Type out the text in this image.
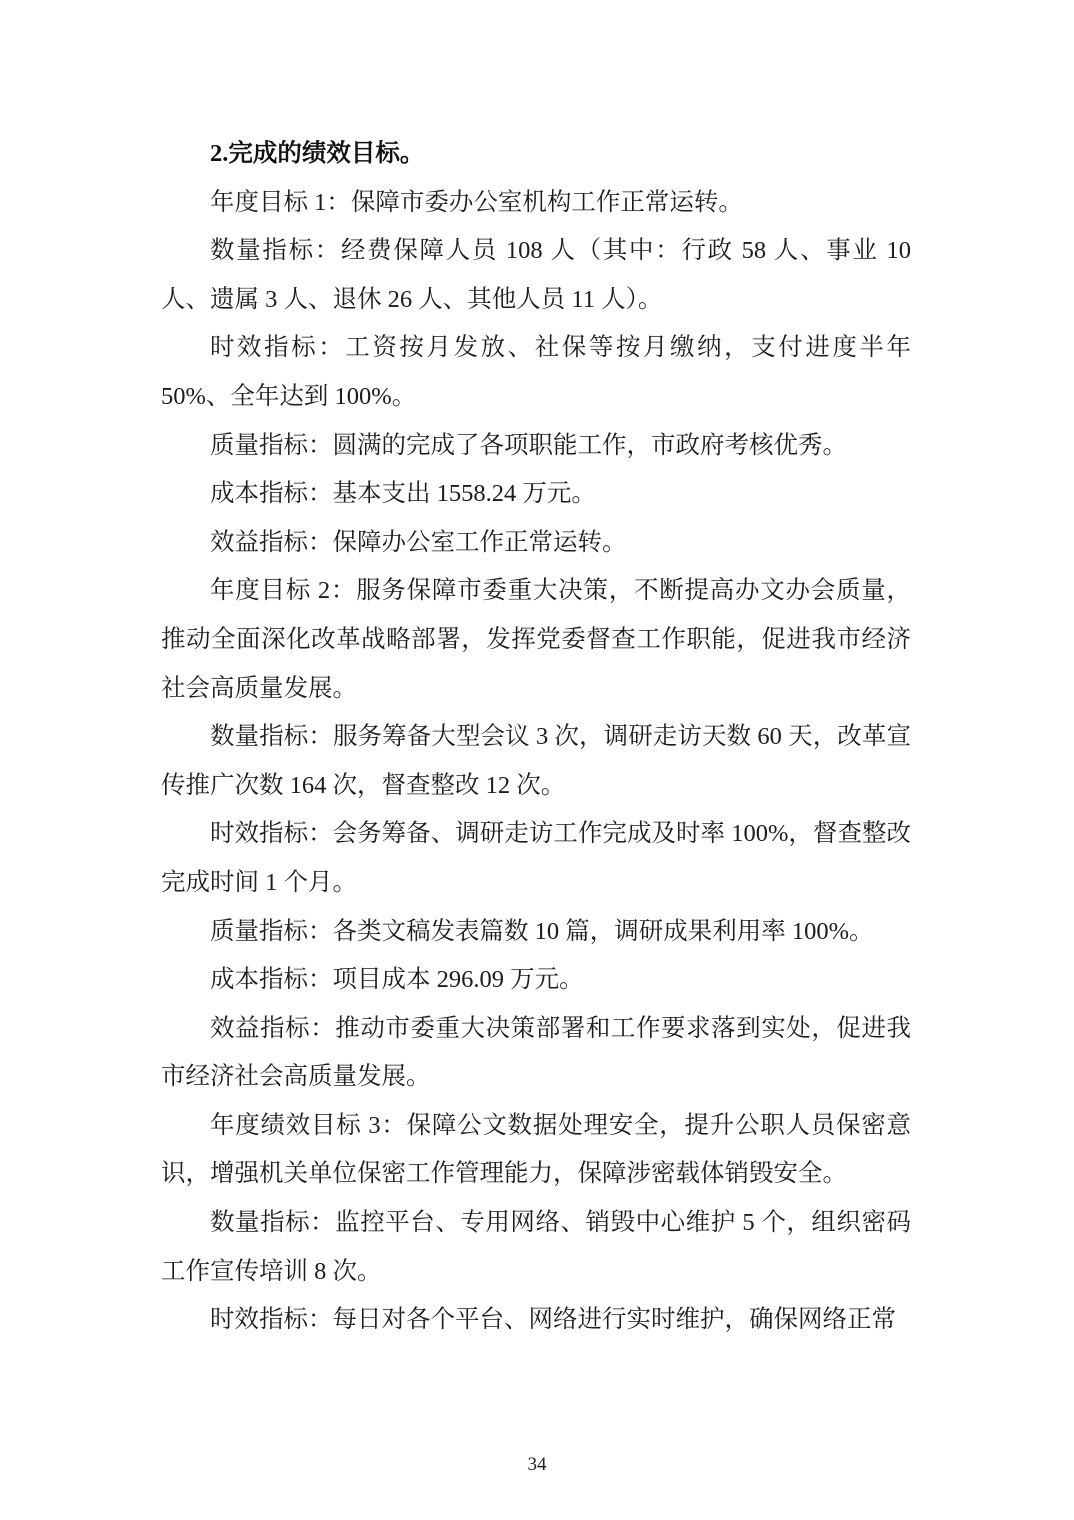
2.完成的绩效目标。

年度目标 1：保障市委办公室机构工作正常运转。

数量指标：经费保障人员 108 人（其中：行政 58 人、事业 10 人、遗属 3 人、退休 26 人、其他人员 11 人）。

时效指标：工资按月发放、社保等按月缴纳，支付进度半年 50%、全年达到 100%。

质量指标：圆满的完成了各项职能工作，市政府考核优秀。

成本指标：基本支出 1558.24 万元。

效益指标：保障办公室工作正常运转。

年度目标 2：服务保障市委重大决策，不断提高办文办会质量，推动全面深化改革战略部署，发挥党委督查工作职能，促进我市经济社会高质量发展。

数量指标：服务筹备大型会议 3 次，调研走访天数 60 天，改革宣传推广次数 164 次，督查整改 12 次。

时效指标：会务筹备、调研走访工作完成及时率 100%，督查整改完成时间 1 个月。

质量指标：各类文稿发表篇数 10 篇，调研成果利用率 100%。

成本指标：项目成本 296.09 万元。

效益指标：推动市委重大决策部署和工作要求落到实处，促进我市经济社会高质量发展。

年度绩效目标 3：保障公文数据处理安全，提升公职人员保密意识，增强机关单位保密工作管理能力，保障涉密载体销毁安全。

数量指标：监控平台、专用网络、销毁中心维护 5 个，组织密码工作宣传培训 8 次。

时效指标：每日对各个平台、网络进行实时维护，确保网络正常

34
